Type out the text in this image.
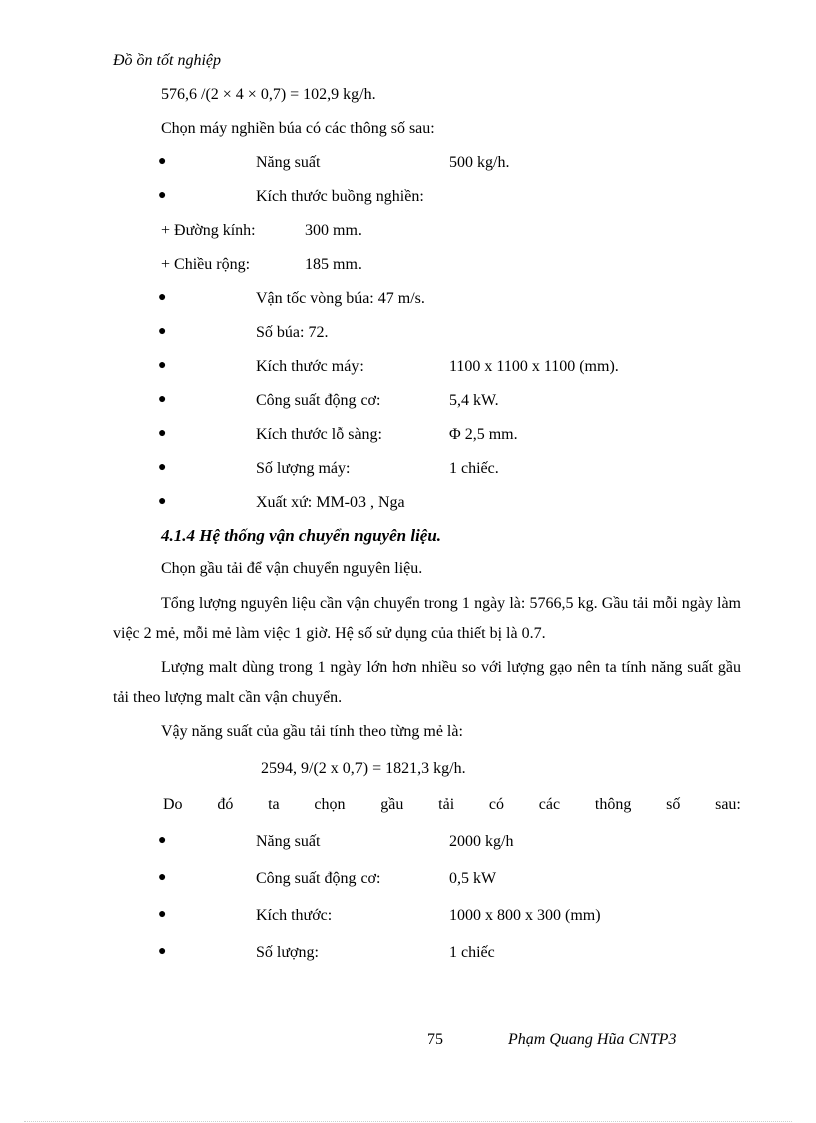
Đồ ồn tốt nghiệp
576,6 /(2 × 4 × 0,7) = 102,9 kg/h.
Chọn máy nghiền búa có các thông số sau:
●	Năng suất	500 kg/h.
●	Kích thước buồng nghiền:
+ Đường kính:	300 mm.
+ Chiều rộng:	185 mm.
●	Vận tốc vòng búa: 47 m/s.
●	Số búa: 72.
●	Kích thước máy:	1100 x 1100 x 1100 (mm).
●	Công suất động cơ:	5,4 kW.
●	Kích thước lỗ sàng:	Φ 2,5 mm.
●	Số lượng máy:	1 chiếc.
●	Xuất xứ: MM-03 , Nga
4.1.4 Hệ thống vận chuyển nguyên liệu.
Chọn gầu tải để vận chuyển nguyên liệu.
Tổng lượng nguyên liệu cần vận chuyển trong 1 ngày là: 5766,5 kg. Gầu tải mỗi ngày làm việc 2 mẻ, mỗi mẻ làm việc 1 giờ. Hệ số sử dụng của thiết bị là 0.7.
Lượng malt dùng trong 1 ngày lớn hơn nhiều so với lượng gạo nên ta tính năng suất gầu tải theo lượng malt cần vận chuyển.
Vậy năng suất của gầu tải tính theo từng mẻ là:
2594, 9/(2 x 0,7) = 1821,3 kg/h.
Do đó ta chọn gầu tải có các thông số sau:
●	Năng suất	2000 kg/h
●	Công suất động cơ:	0,5 kW
●	Kích thước:	1000 x 800 x 300 (mm)
●	Số lượng:	1 chiếc
75	Phạm Quang Hũa CNTP3
